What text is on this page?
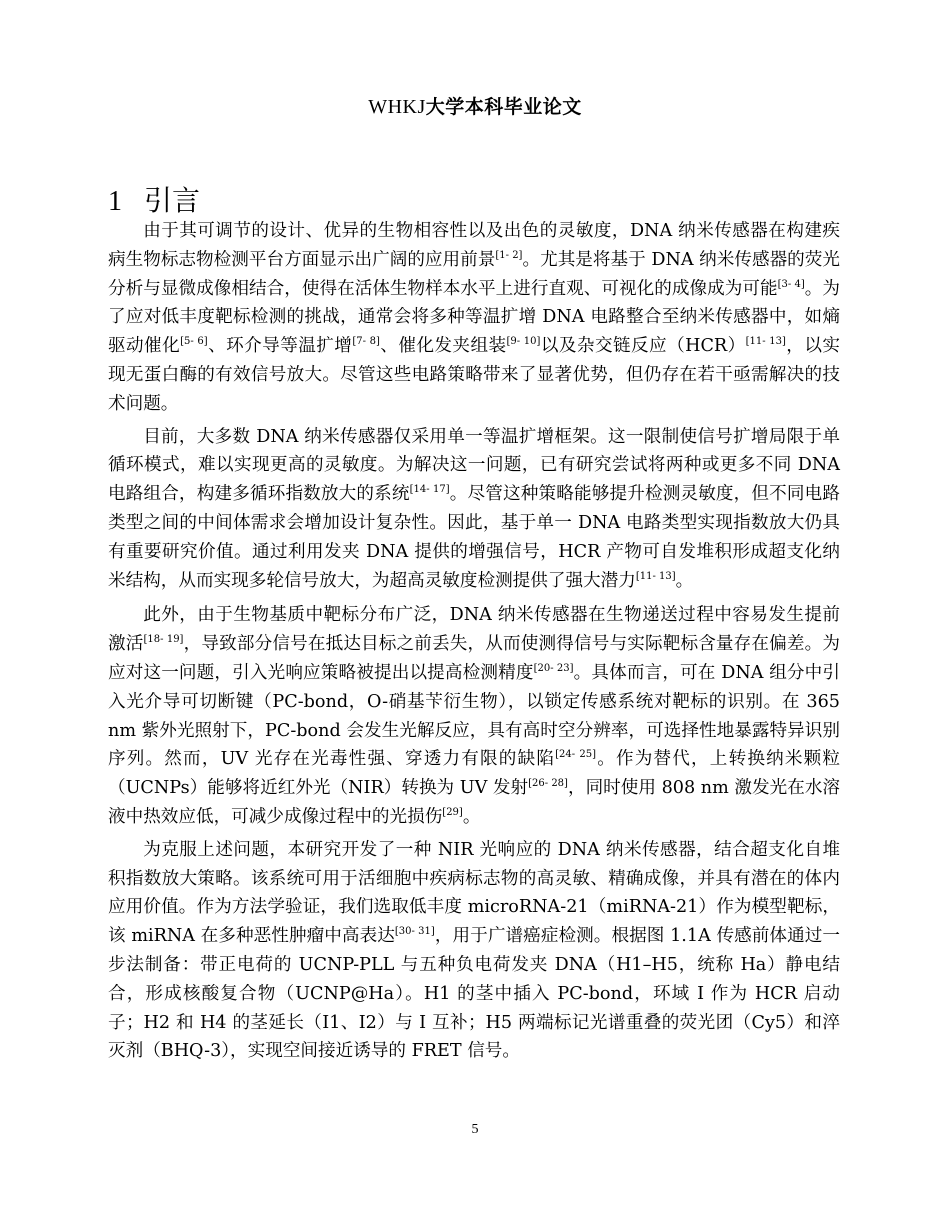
WHKJ大学本科毕业论文
1 引言

由于其可调节的设计、优异的生物相容性以及出色的灵敏度，DNA 纳米传感器在构建疾病生物标志物检测平台方面显示出广阔的应用前景[1- 2]。尤其是将基于 DNA 纳米传感器的荧光分析与显微成像相结合，使得在活体生物样本水平上进行直观、可视化的成像成为可能[3- 4]。为了应对低丰度靶标检测的挑战，通常会将多种等温扩增 DNA 电路整合至纳米传感器中，如熵驱动催化[5- 6]、环介导等温扩增[7- 8]、催化发夹组装[9- 10]以及杂交链反应（HCR）[11- 13]，以实现无蛋白酶的有效信号放大。尽管这些电路策略带来了显著优势，但仍存在若干亟需解决的技术问题。

目前，大多数 DNA 纳米传感器仅采用单一等温扩增框架。这一限制使信号扩增局限于单循环模式，难以实现更高的灵敏度。为解决这一问题，已有研究尝试将两种或更多不同 DNA 电路组合，构建多循环指数放大的系统[14- 17]。尽管这种策略能够提升检测灵敏度，但不同电路类型之间的中间体需求会增加设计复杂性。因此，基于单一 DNA 电路类型实现指数放大仍具有重要研究价值。通过利用发夹 DNA 提供的增强信号，HCR 产物可自发堆积形成超支化纳米结构，从而实现多轮信号放大，为超高灵敏度检测提供了强大潜力[11- 13]。

此外，由于生物基质中靶标分布广泛，DNA 纳米传感器在生物递送过程中容易发生提前激活[18- 19]，导致部分信号在抵达目标之前丢失，从而使测得信号与实际靶标含量存在偏差。为应对这一问题，引入光响应策略被提出以提高检测精度[20- 23]。具体而言，可在 DNA 组分中引入光介导可切断键（PC-bond，O-硝基苄衍生物），以锁定传感系统对靶标的识别。在 365 nm 紫外光照射下，PC-bond 会发生光解反应，具有高时空分辨率，可选择性地暴露特异识别序列。然而，UV 光存在光毒性强、穿透力有限的缺陷[24- 25]。作为替代，上转换纳米颗粒（UCNPs）能够将近红外光（NIR）转换为 UV 发射[26- 28]，同时使用 808 nm 激发光在水溶液中热效应低，可减少成像过程中的光损伤[29]。

为克服上述问题，本研究开发了一种 NIR 光响应的 DNA 纳米传感器，结合超支化自堆积指数放大策略。该系统可用于活细胞中疾病标志物的高灵敏、精确成像，并具有潜在的体内应用价值。作为方法学验证，我们选取低丰度 microRNA-21（miRNA-21）作为模型靶标，该 miRNA 在多种恶性肿瘤中高表达[30- 31]，用于广谱癌症检测。根据图 1.1A 传感前体通过一步法制备：带正电荷的 UCNP-PLL 与五种负电荷发夹 DNA（H1–H5，统称 Ha）静电结合，形成核酸复合物（UCNP@Ha）。H1 的茎中插入 PC-bond，环域 I 作为 HCR 启动子；H2 和 H4 的茎延长（I1、I2）与 I 互补；H5 两端标记光谱重叠的荧光团（Cy5）和淬灭剂（BHQ-3），实现空间接近诱导的 FRET 信号。

5
